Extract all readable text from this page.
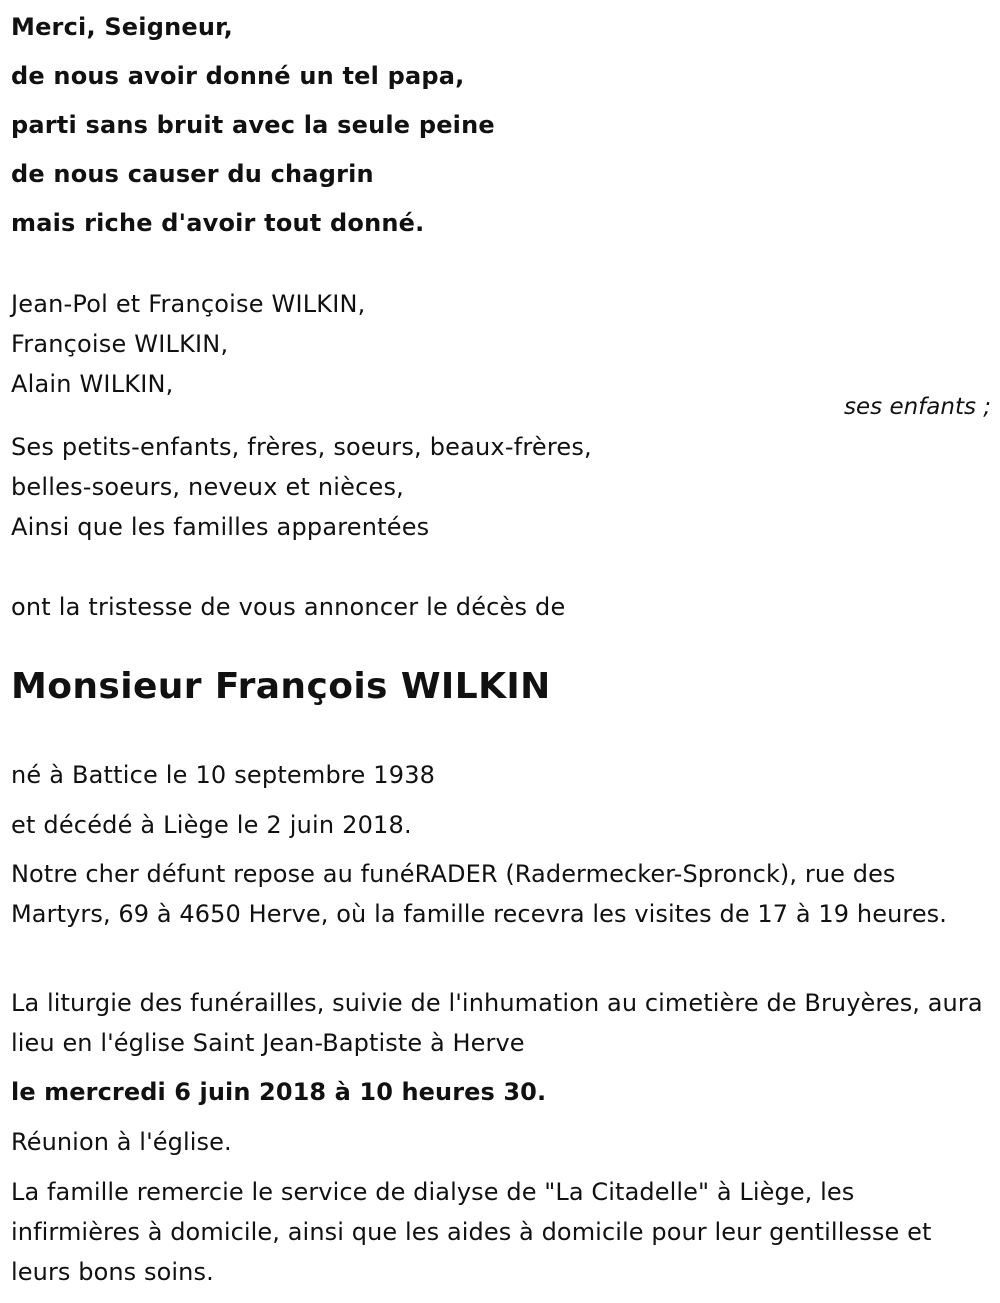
Merci, Seigneur,
de nous avoir donné un tel papa,
parti sans bruit avec la seule peine
de nous causer du chagrin
mais riche d'avoir tout donné.
Jean-Pol et Françoise WILKIN,
Françoise WILKIN,
Alain WILKIN,
ses enfants ;
Ses petits-enfants, frères, soeurs, beaux-frères,
belles-soeurs, neveux et nièces,
Ainsi que les familles apparentées
ont la tristesse de vous annoncer le décès de
Monsieur François WILKIN
né à Battice le 10 septembre 1938
et décédé à Liège le 2 juin 2018.
Notre cher défunt repose au funéRADER (Radermecker-Spronck), rue des Martyrs, 69 à 4650 Herve, où la famille recevra les visites de 17 à 19 heures.
La liturgie des funérailles, suivie de l'inhumation au cimetière de Bruyères, aura lieu en l'église Saint Jean-Baptiste à Herve
le mercredi 6 juin 2018 à 10 heures 30.
Réunion à l'église.
La famille remercie le service de dialyse de "La Citadelle" à Liège, les infirmières à domicile, ainsi que les aides à domicile pour leur gentillesse et leurs bons soins.
